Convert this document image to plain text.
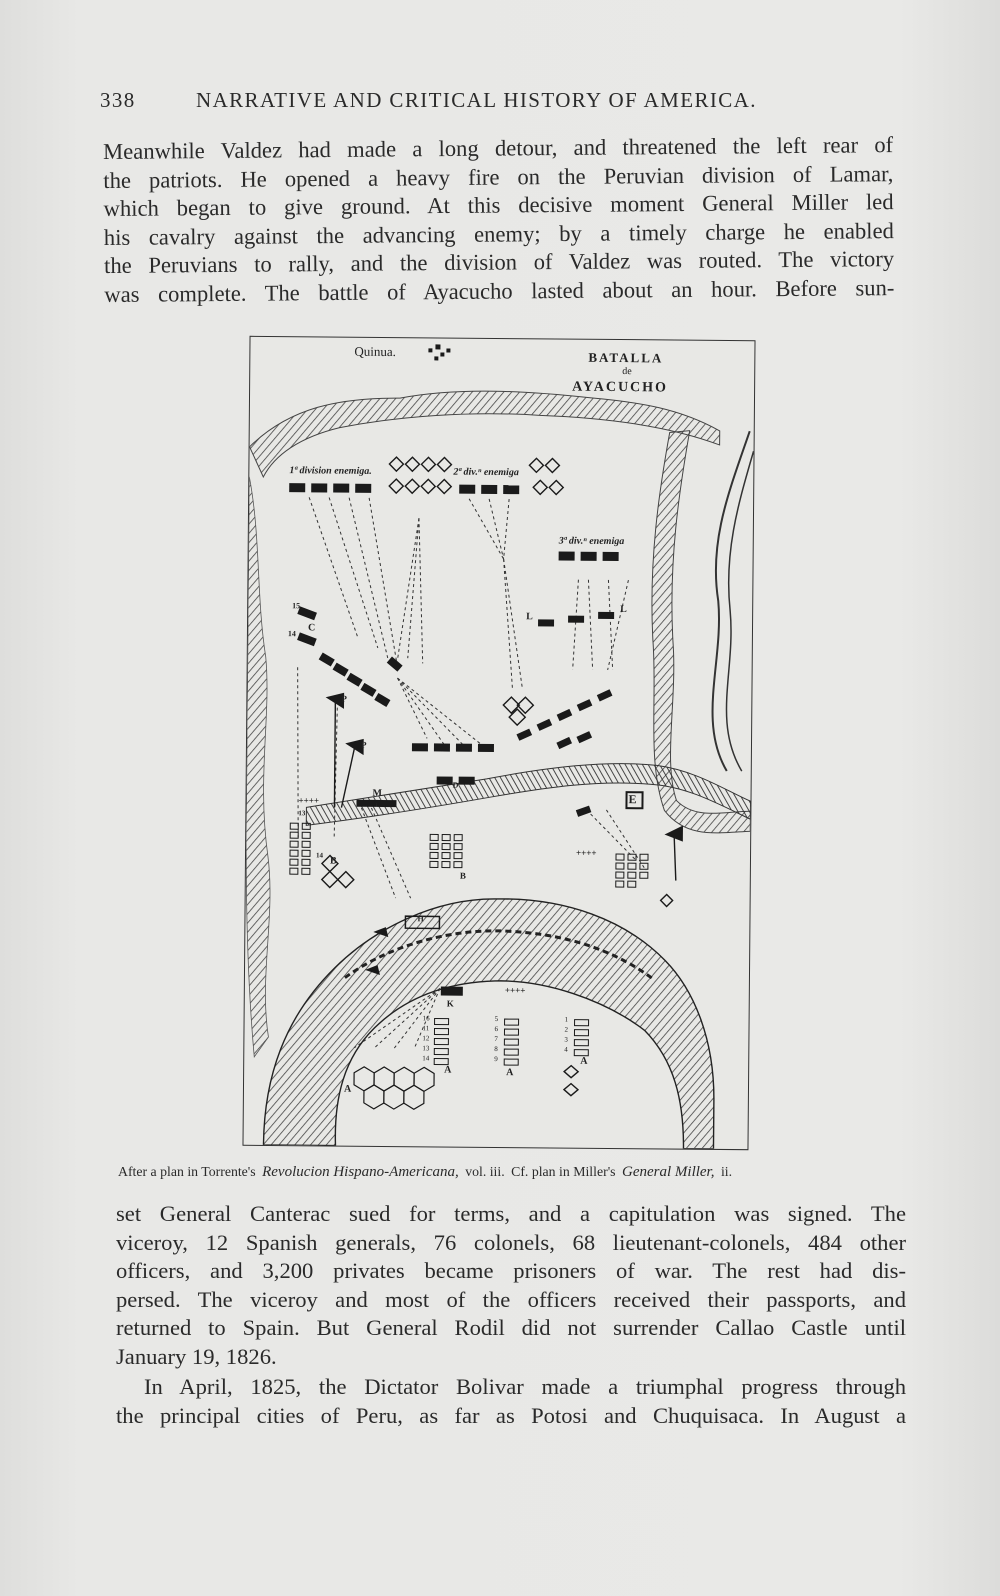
338	NARRATIVE AND CRITICAL HISTORY OF AMERICA.
Meanwhile Valdez had made a long detour, and threatened the left rear of
the patriots. He opened a heavy fire on the Peruvian division of Lamar,
which began to give ground. At this decisive moment General Miller led
his cavalry against the advancing enemy; by a timely charge he enabled
the Peruvians to rally, and the division of Valdez was routed. The victory
was complete. The battle of Ayacucho lasted about an hour. Before sun-
Quinua.	BATALLA
de
AYACUCHO
1ª division enemiga.	2ª div.ⁿ enemiga
3ª div.ⁿ enemiga
C
L
L
P
P
M
B
B
D
E
H
K
A
A	A
A
15
14
13
14
16
11
12
13
14
5
6
7
8
9
1
2
3
4
++++
++++
++++
After a plan in Torrente's Revolucion Hispano-Americana, vol. iii. Cf. plan in Miller's General Miller, ii.
set General Canterac sued for terms, and a capitulation was signed. The
viceroy, 12 Spanish generals, 76 colonels, 68 lieutenant-colonels, 484 other
officers, and 3,200 privates became prisoners of war. The rest had dis-
persed. The viceroy and most of the officers received their passports, and
returned to Spain. But General Rodil did not surrender Callao Castle until
January 19, 1826.
In April, 1825, the Dictator Bolivar made a triumphal progress through
the principal cities of Peru, as far as Potosi and Chuquisaca. In August a
